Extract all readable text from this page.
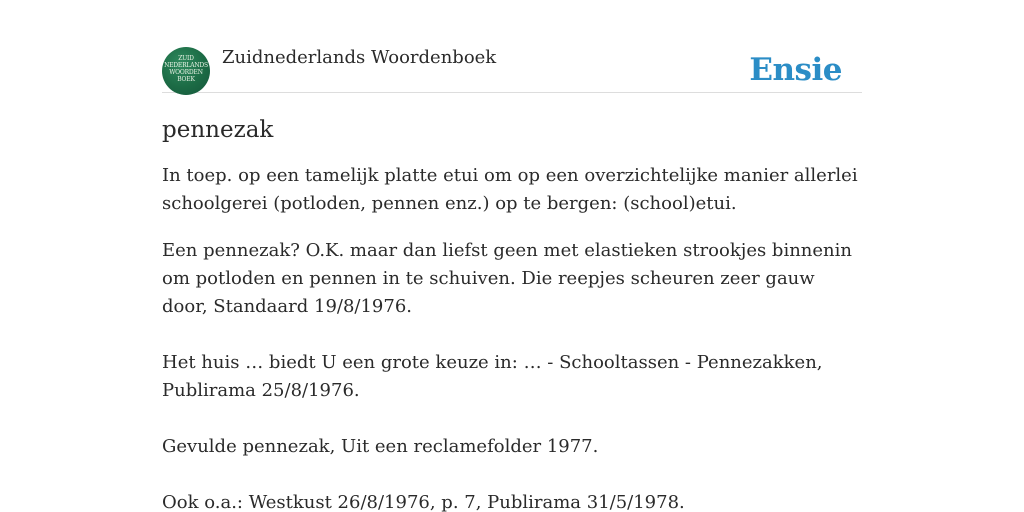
ZUID NEDERLANDS WOORDEN BOEK
Zuidnederlands Woordenboek	Ensie
pennezak

In toep. op een tamelijk platte etui om op een overzichtelijke manier allerlei schoolgerei (potloden, pennen enz.) op te bergen: (school)etui.

Een pennezak? O.K. maar dan liefst geen met elastieken strookjes binnenin om potloden en pennen in te schuiven. Die reepjes scheuren zeer gauw door, Standaard 19/8/1976.

Het huis … biedt U een grote keuze in: … - Schooltassen - Pennezakken, Publirama 25/8/1976.

Gevulde pennezak, Uit een reclamefolder 1977.

Ook o.a.: Westkust 26/8/1976, p. 7, Publirama 31/5/1978.
